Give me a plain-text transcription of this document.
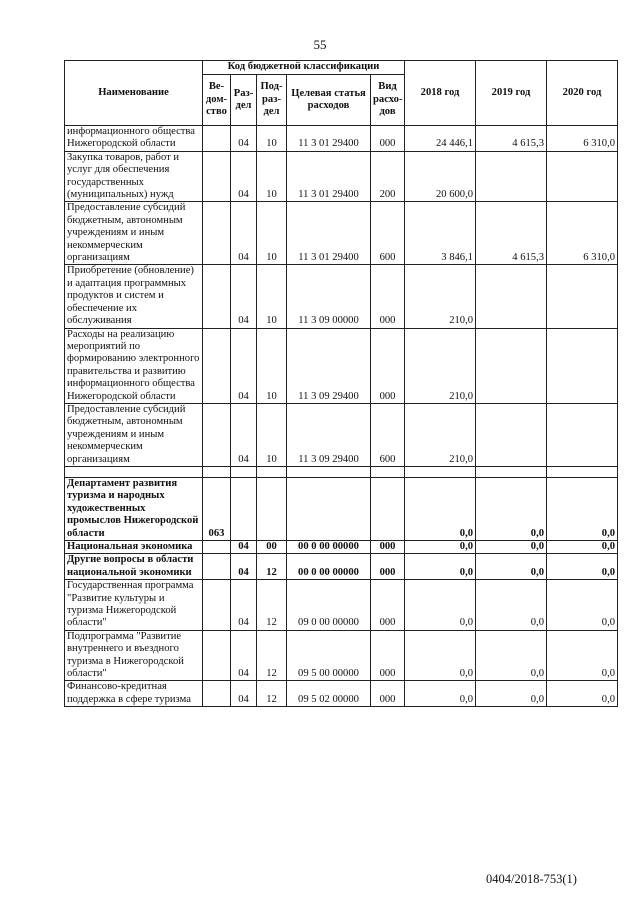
55
Наименование	Код бюджетной классификации					2018 год	2019 год	2020 год
	Ве-дом-ство	Раз-дел	Под-раз-дел	Целевая статья расходов	Вид расхо-дов			
информационного общества Нижегородской области		04	10	11 3 01 29400	000	24 446,1	4 615,3	6 310,0
Закупка товаров, работ и услуг для обеспечения государственных (муниципальных) нужд		04	10	11 3 01 29400	200	20 600,0		
Предоставление субсидий бюджетным, автономным учреждениям и иным некоммерческим организациям		04	10	11 3 01 29400	600	3 846,1	4 615,3	6 310,0
Приобретение (обновление) и адаптация программных продуктов и систем и обеспечение их обслуживания		04	10	11 3 09 00000	000	210,0		
Расходы на реализацию мероприятий по формированию электронного правительства и развитию информационного общества Нижегородской области		04	10	11 3 09 29400	000	210,0		
Предоставление субсидий бюджетным, автономным учреждениям и иным некоммерческим организациям		04	10	11 3 09 29400	600	210,0		

Департамент развития туризма и народных художественных промыслов Нижегородской области	063					0,0	0,0	0,0
Национальная экономика		04	00	00 0 00 00000	000	0,0	0,0	0,0
Другие вопросы в области национальной экономики		04	12	00 0 00 00000	000	0,0	0,0	0,0
Государственная программа "Развитие культуры и туризма Нижегородской области"		04	12	09 0 00 00000	000	0,0	0,0	0,0
Подпрограмма "Развитие внутреннего и въездного туризма в Нижегородской области"		04	12	09 5 00 00000	000	0,0	0,0	0,0
Финансово-кредитная поддержка в сфере туризма		04	12	09 5 02 00000	000	0,0	0,0	0,0
0404/2018-753(1)
